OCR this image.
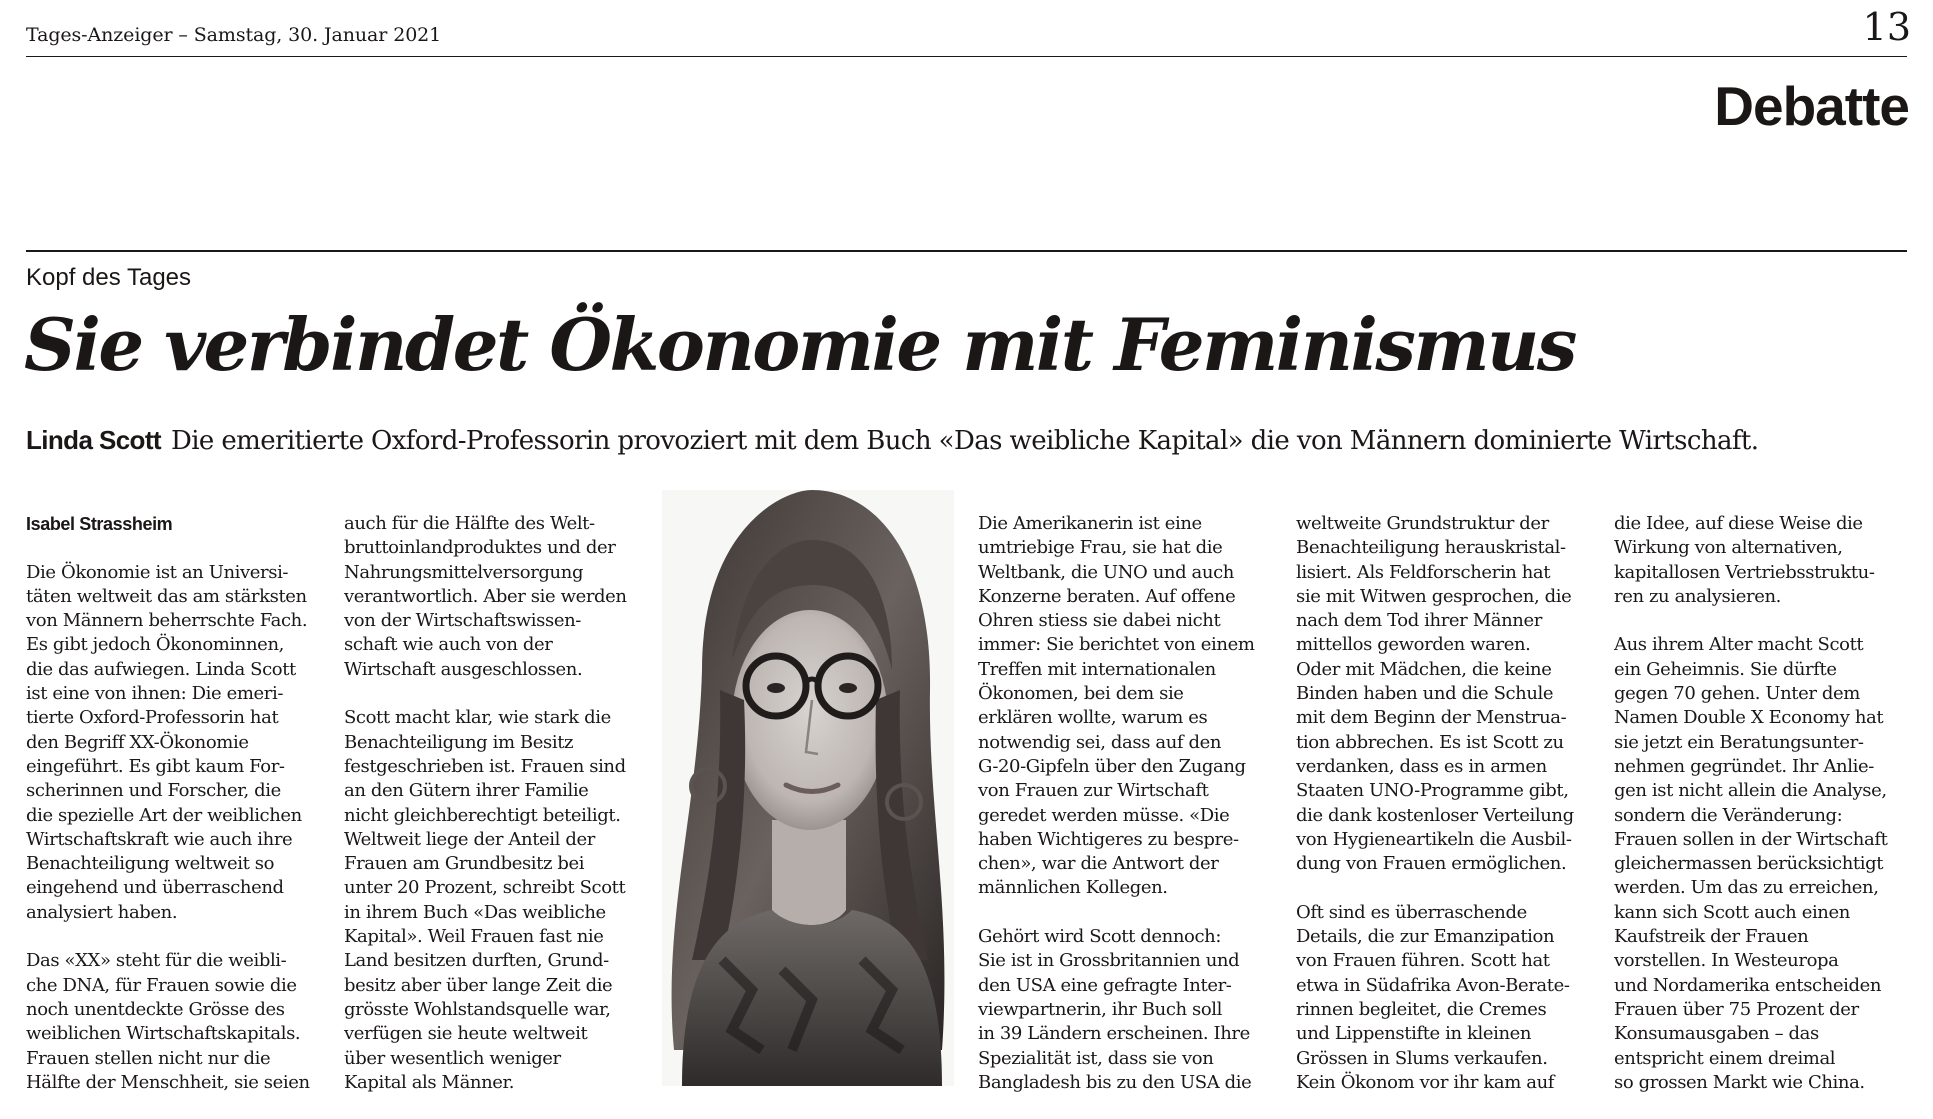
Tages-Anzeiger – Samstag, 30. Januar 2021	13
Debatte
Kopf des Tages
Sie verbindet Ökonomie mit Feminismus
Linda Scott Die emeritierte Oxford-Professorin provoziert mit dem Buch «Das weibliche Kapital» die von Männern dominierte Wirtschaft.
Isabel Strassheim

Die Ökonomie ist an Universi-
täten weltweit das am stärksten
von Männern beherrschte Fach.
Es gibt jedoch Ökonominnen,
die das aufwiegen. Linda Scott
ist eine von ihnen: Die emeri-
tierte Oxford-Professorin hat
den Begriff XX-Ökonomie
eingeführt. Es gibt kaum For-
scherinnen und Forscher, die
die spezielle Art der weiblichen
Wirtschaftskraft wie auch ihre
Benachteiligung weltweit so
eingehend und überraschend
analysiert haben.

Das «XX» steht für die weibli-
che DNA, für Frauen sowie die
noch unentdeckte Grösse des
weiblichen Wirtschaftskapitals.
Frauen stellen nicht nur die
Hälfte der Menschheit, sie seien

auch für die Hälfte des Welt-
bruttoinlandproduktes und der
Nahrungsmittelversorgung
verantwortlich. Aber sie werden
von der Wirtschaftswissen-
schaft wie auch von der
Wirtschaft ausgeschlossen.

Scott macht klar, wie stark die
Benachteiligung im Besitz
festgeschrieben ist. Frauen sind
an den Gütern ihrer Familie
nicht gleichberechtigt beteiligt.
Weltweit liege der Anteil der
Frauen am Grundbesitz bei
unter 20 Prozent, schreibt Scott
in ihrem Buch «Das weibliche
Kapital». Weil Frauen fast nie
Land besitzen durften, Grund-
besitz aber über lange Zeit die
grösste Wohlstandsquelle war,
verfügen sie heute weltweit
über wesentlich weniger
Kapital als Männer.

Die Amerikanerin ist eine
umtriebige Frau, sie hat die
Weltbank, die UNO und auch
Konzerne beraten. Auf offene
Ohren stiess sie dabei nicht
immer: Sie berichtet von einem
Treffen mit internationalen
Ökonomen, bei dem sie
erklären wollte, warum es
notwendig sei, dass auf den
G-20-Gipfeln über den Zugang
von Frauen zur Wirtschaft
geredet werden müsse. «Die
haben Wichtigeres zu bespre-
chen», war die Antwort der
männlichen Kollegen.

Gehört wird Scott dennoch:
Sie ist in Grossbritannien und
den USA eine gefragte Inter-
viewpartnerin, ihr Buch soll
in 39 Ländern erscheinen. Ihre
Spezialität ist, dass sie von
Bangladesh bis zu den USA die

weltweite Grundstruktur der
Benachteiligung herauskristal-
lisiert. Als Feldforscherin hat
sie mit Witwen gesprochen, die
nach dem Tod ihrer Männer
mittellos geworden waren.
Oder mit Mädchen, die keine
Binden haben und die Schule
mit dem Beginn der Menstrua-
tion abbrechen. Es ist Scott zu
verdanken, dass es in armen
Staaten UNO-Programme gibt,
die dank kostenloser Verteilung
von Hygieneartikeln die Ausbil-
dung von Frauen ermöglichen.

Oft sind es überraschende
Details, die zur Emanzipation
von Frauen führen. Scott hat
etwa in Südafrika Avon-Berate-
rinnen begleitet, die Cremes
und Lippenstifte in kleinen
Grössen in Slums verkaufen.
Kein Ökonom vor ihr kam auf

die Idee, auf diese Weise die
Wirkung von alternativen,
kapitallosen Vertriebsstruktu-
ren zu analysieren.

Aus ihrem Alter macht Scott
ein Geheimnis. Sie dürfte
gegen 70 gehen. Unter dem
Namen Double X Economy hat
sie jetzt ein Beratungsunter-
nehmen gegründet. Ihr Anlie-
gen ist nicht allein die Analyse,
sondern die Veränderung:
Frauen sollen in der Wirtschaft
gleichermassen berücksichtigt
werden. Um das zu erreichen,
kann sich Scott auch einen
Kaufstreik der Frauen
vorstellen. In Westeuropa
und Nordamerika entscheiden
Frauen über 75 Prozent der
Konsumausgaben – das
entspricht einem dreimal
so grossen Markt wie China.
